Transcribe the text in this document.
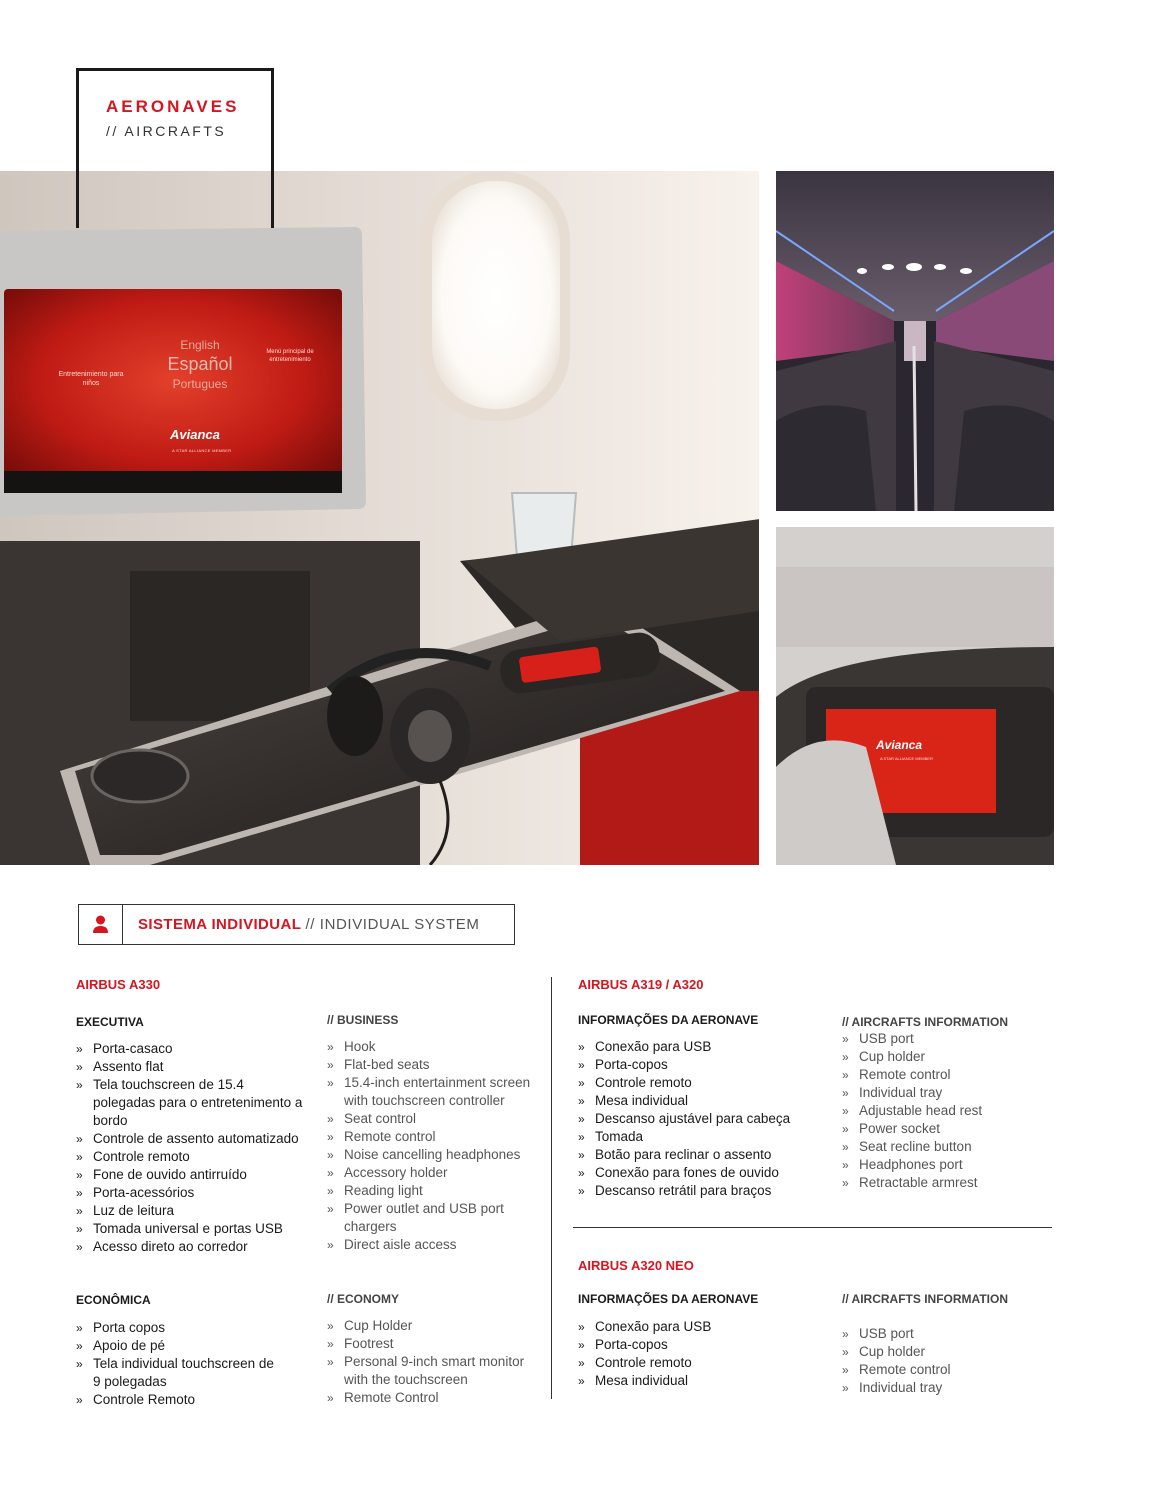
AERONAVES
// AIRCRAFTS
Entretenimiento para niños
English
Español
Portugues
Menú principal de entretenimiento
Avianca
A STAR ALLIANCE MEMBER
Avianca
A STAR ALLIANCE MEMBER
SISTEMA INDIVIDUAL // INDIVIDUAL SYSTEM
AIRBUS A330
EXECUTIVA	// BUSINESS
» Porta-casaco
» Assento flat
» Tela touchscreen de 15.4 polegadas para o entretenimento a bordo
» Controle de assento automatizado
» Controle remoto
» Fone de ouvido antirruído
» Porta-acessórios
» Luz de leitura
» Tomada universal e portas USB
» Acesso direto ao corredor
» Hook
» Flat-bed seats
» 15.4-inch entertainment screen with touchscreen controller
» Seat control
» Remote control
» Noise cancelling headphones
» Accessory holder
» Reading light
» Power outlet and USB port chargers
» Direct aisle access
ECONÔMICA	// ECONOMY
» Porta copos
» Apoio de pé
» Tela individual touchscreen de 9 polegadas
» Controle Remoto
» Cup Holder
» Footrest
» Personal 9-inch smart monitor with the touchscreen
» Remote Control
AIRBUS A319 / A320
INFORMAÇÕES DA AERONAVE	// AIRCRAFTS INFORMATION
» Conexão para USB
» Porta-copos
» Controle remoto
» Mesa individual
» Descanso ajustável para cabeça
» Tomada
» Botão para reclinar o assento
» Conexão para fones de ouvido
» Descanso retrátil para braços
» USB port
» Cup holder
» Remote control
» Individual tray
» Adjustable head rest
» Power socket
» Seat recline button
» Headphones port
» Retractable armrest
AIRBUS A320 NEO
INFORMAÇÕES DA AERONAVE	// AIRCRAFTS INFORMATION
» Conexão para USB
» Porta-copos
» Controle remoto
» Mesa individual
» USB port
» Cup holder
» Remote control
» Individual tray
